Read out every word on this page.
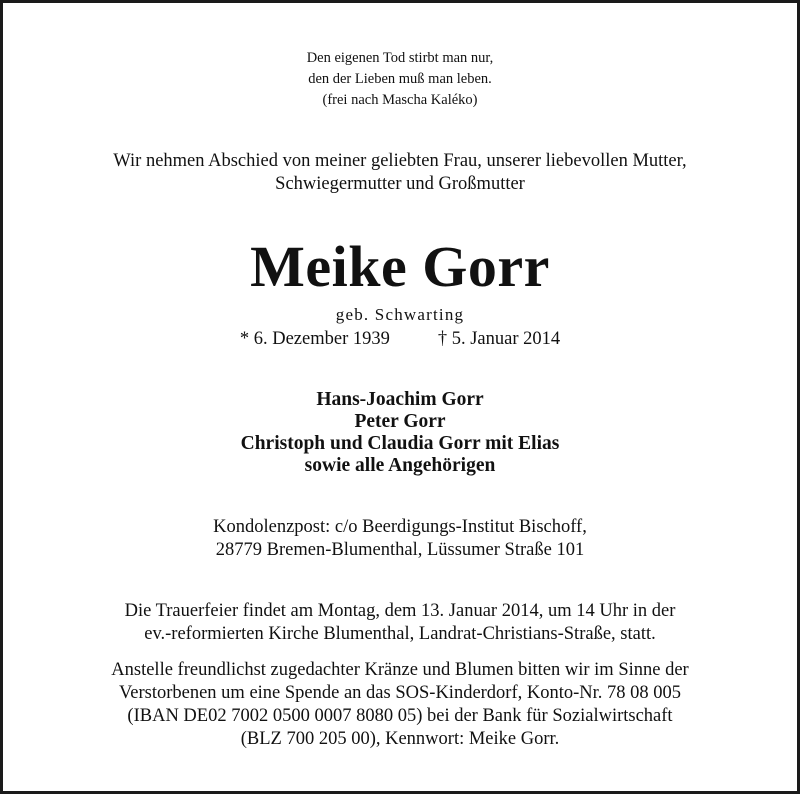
Den eigenen Tod stirbt man nur,
den der Lieben muß man leben.
(frei nach Mascha Kaléko)
Wir nehmen Abschied von meiner geliebten Frau, unserer liebevollen Mutter,
Schwiegermutter und Großmutter
Meike Gorr
geb. Schwarting
* 6. Dezember 1939	† 5. Januar 2014
Hans-Joachim Gorr
Peter Gorr
Christoph und Claudia Gorr mit Elias
sowie alle Angehörigen
Kondolenzpost: c/o Beerdigungs-Institut Bischoff,
28779 Bremen-Blumenthal, Lüssumer Straße 101
Die Trauerfeier findet am Montag, dem 13. Januar 2014, um 14 Uhr in der
ev.-reformierten Kirche Blumenthal, Landrat-Christians-Straße, statt.
Anstelle freundlichst zugedachter Kränze und Blumen bitten wir im Sinne der
Verstorbenen um eine Spende an das SOS-Kinderdorf, Konto-Nr. 78 08 005
(IBAN DE02 7002 0500 0007 8080 05) bei der Bank für Sozialwirtschaft
(BLZ 700 205 00), Kennwort: Meike Gorr.
